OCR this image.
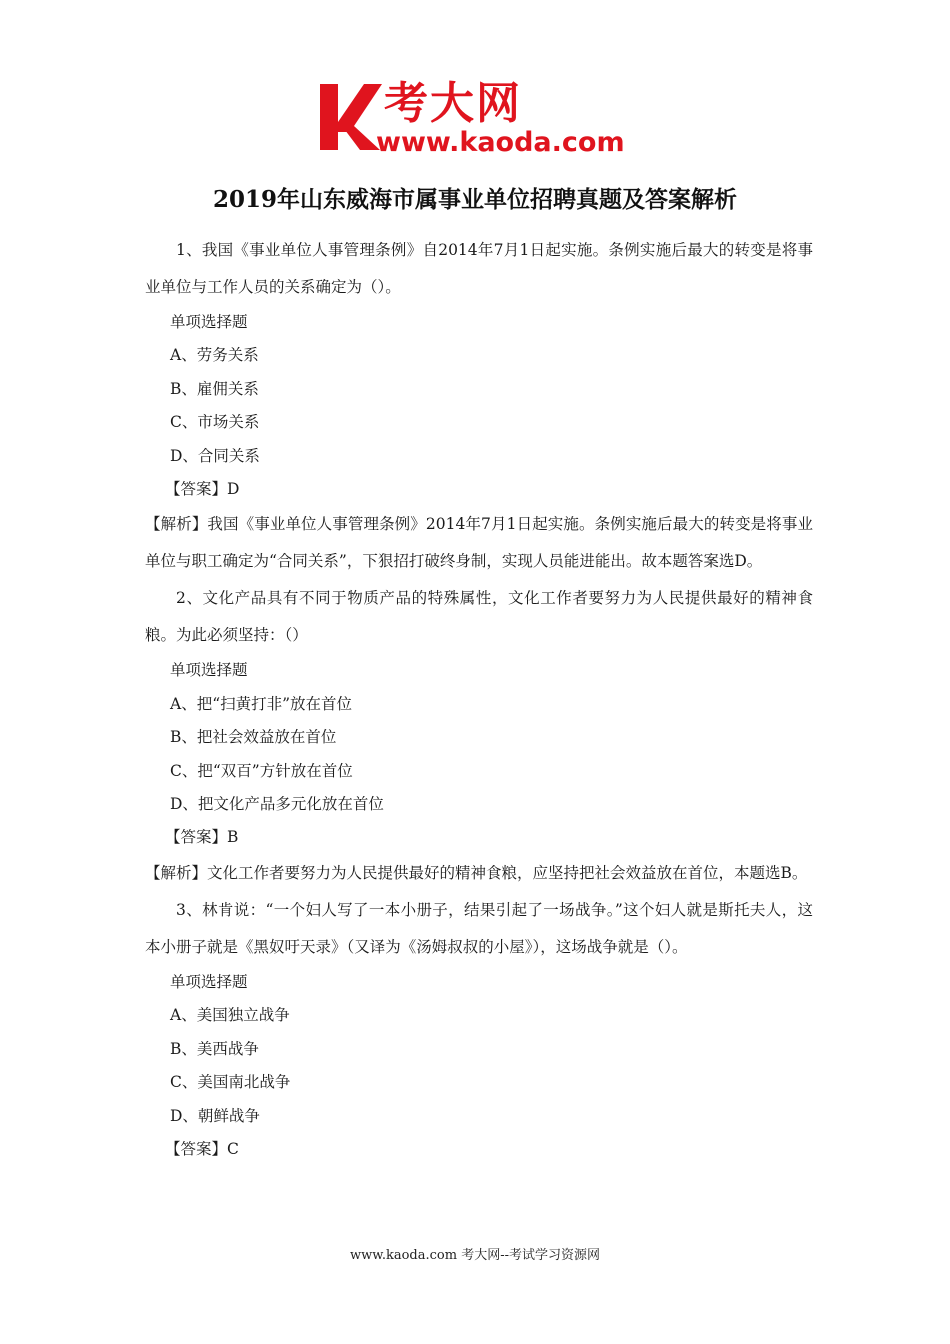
考大网
www.kaoda.com
2019年山东威海市属事业单位招聘真题及答案解析

1、我国《事业单位人事管理条例》自2014年7月1日起实施。条例实施后最大的转变是将事业单位与工作人员的关系确定为（）。

单项选择题

A、劳务关系

B、雇佣关系

C、市场关系

D、合同关系

【答案】D

【解析】我国《事业单位人事管理条例》2014年7月1日起实施。条例实施后最大的转变是将事业单位与职工确定为“合同关系”，下狠招打破终身制，实现人员能进能出。故本题答案选D。

2、文化产品具有不同于物质产品的特殊属性，文化工作者要努力为人民提供最好的精神食粮。为此必须坚持：（）

单项选择题

A、把“扫黄打非”放在首位

B、把社会效益放在首位

C、把“双百”方针放在首位

D、把文化产品多元化放在首位

【答案】B

【解析】文化工作者要努力为人民提供最好的精神食粮，应坚持把社会效益放在首位，本题选B。

3、林肯说：“一个妇人写了一本小册子，结果引起了一场战争。”这个妇人就是斯托夫人，这本小册子就是《黑奴吁天录》（又译为《汤姆叔叔的小屋》），这场战争就是（）。

单项选择题

A、美国独立战争

B、美西战争

C、美国南北战争

D、朝鲜战争

【答案】C

www.kaoda.com 考大网--考试学习资源网
